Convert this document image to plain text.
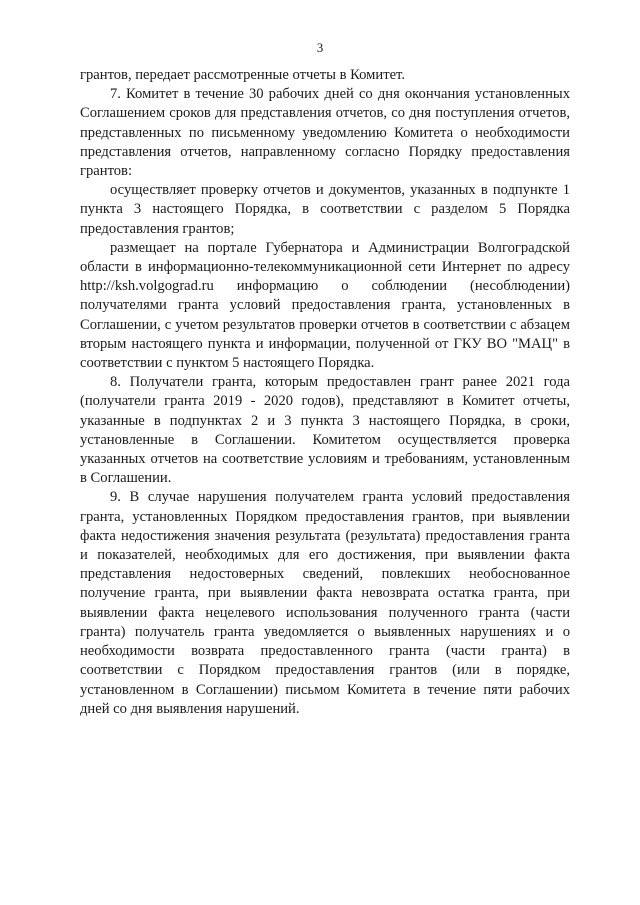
3

грантов, передает рассмотренные отчеты в Комитет.

7. Комитет в течение 30 рабочих дней со дня окончания установленных Соглашением сроков для представления отчетов, со дня поступления отчетов, представленных по письменному уведомлению Комитета о необходимости представления отчетов, направленному согласно Порядку предоставления грантов:

осуществляет проверку отчетов и документов, указанных в подпункте 1 пункта 3 настоящего Порядка, в соответствии с разделом 5 Порядка предоставления грантов;

размещает на портале Губернатора и Администрации Волгоградской области в информационно-телекоммуникационной сети Интернет по адресу http://ksh.volgograd.ru информацию о соблюдении (несоблюдении) получателями гранта условий предоставления гранта, установленных в Соглашении, с учетом результатов проверки отчетов в соответствии с абзацем вторым настоящего пункта и информации, полученной от ГКУ ВО "МАЦ" в соответствии с пунктом 5 настоящего Порядка.

8. Получатели гранта, которым предоставлен грант ранее 2021 года (получатели гранта 2019 - 2020 годов), представляют в Комитет отчеты, указанные в подпунктах 2 и 3 пункта 3 настоящего Порядка, в сроки, установленные в Соглашении. Комитетом осуществляется проверка указанных отчетов на соответствие условиям и требованиям, установленным в Соглашении.

9. В случае нарушения получателем гранта условий предоставления гранта, установленных Порядком предоставления грантов, при выявлении факта недостижения значения результата (результата) предоставления гранта и показателей, необходимых для его достижения, при выявлении факта представления недостоверных сведений, повлекших необоснованное получение гранта, при выявлении факта невозврата остатка гранта, при выявлении факта нецелевого использования полученного гранта (части гранта) получатель гранта уведомляется о выявленных нарушениях и о необходимости возврата предоставленного гранта (части гранта) в соответствии с Порядком предоставления грантов (или в порядке, установленном в Соглашении) письмом Комитета в течение пяти рабочих дней со дня выявления нарушений.
